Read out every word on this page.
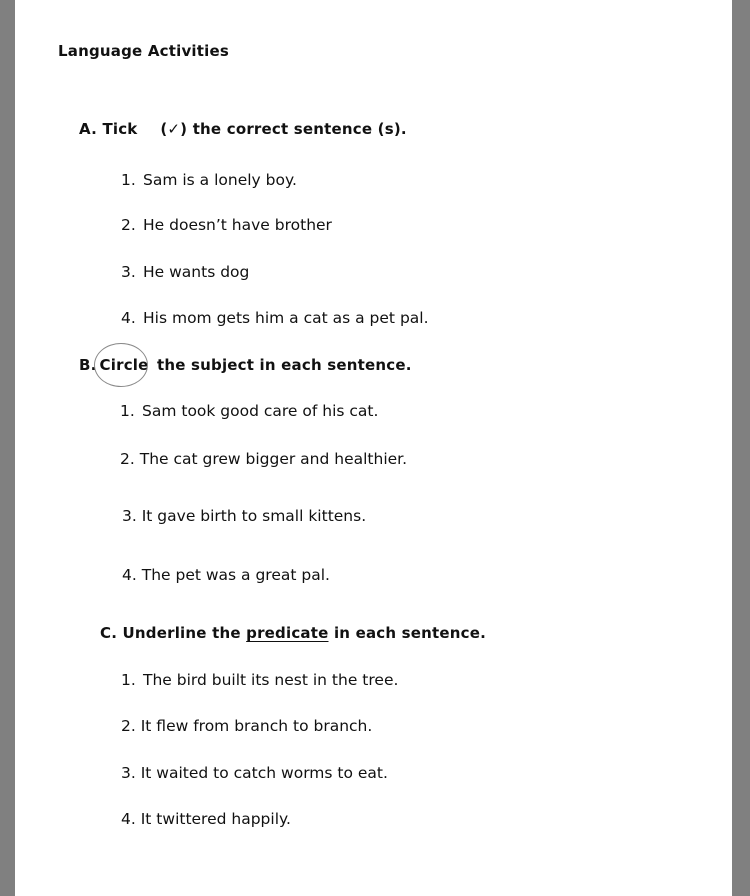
Language Activities
A. Tick (✓) the correct sentence (s).
1. Sam is a lonely boy.
2. He doesn’t have brother
3. He wants dog
4. His mom gets him a cat as a pet pal.
B. Circle the subject in each sentence.
1. Sam took good care of his cat.
2. The cat grew bigger and healthier.
3. It gave birth to small kittens.
4. The pet was a great pal.
C. Underline the predicate in each sentence.
1. The bird built its nest in the tree.
2. It flew from branch to branch.
3. It waited to catch worms to eat.
4. It twittered happily.
